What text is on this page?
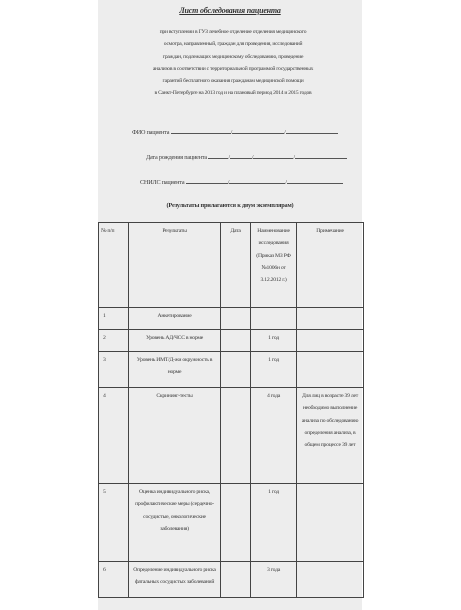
Лист обследования пациента
при вступлении в ГУЗ лечебное отделение отделения медицинского
осмотра, направленный, граждан для проведения, исследований
граждан, подлежащих медицинскому обследованию, проведение
анализов в соответствии с территориальной программой государственных
гарантий бесплатного оказания гражданам медицинской помощи
в Санкт-Петербурге на 2013 год и на плановый период 2014 и 2015 годов
ФИО пациента	/	/
Дата рождения пациента	/	/	/
СНИЛС пациента	/	/
(Результаты прилагаются к двум экземплярам)
№ п/п	Результаты	Дата	Наименование исследования (Приказ МЗ РФ №1006н от 3.12.2012 г.)	Примечание
1	Анкетирование			
2	Уровень АД/ЧСС в норме		1 год	
3	Уровень ИМТ/Д-жи окружность в норме		1 год	
4	Скрининг-тесты		4 года	Для лиц в возрасте 39 лет необходимо выполнение анализа по обследованию определения анализа, в общем процессе 39 лет
5	Оценка индивидуального риска, профилактические меры (сердечно-сосудистые, онкологические заболевания)		1 год	
6	Определение индивидуального риска фатальных сосудистых заболеваний		3 года	
